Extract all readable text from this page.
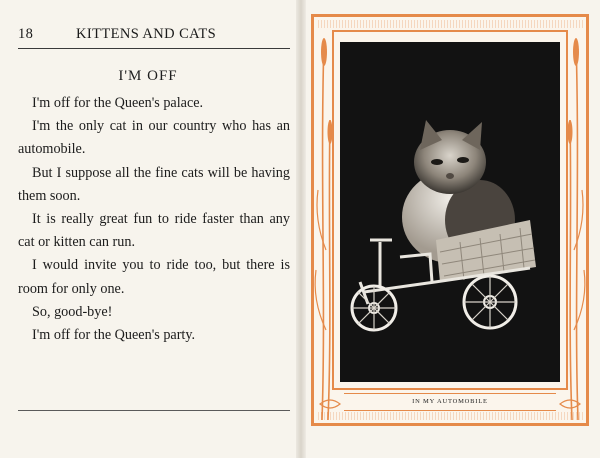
18	KITTENS AND CATS
I'M OFF

I'm off for the Queen's palace.

I'm the only cat in our country who has an automobile.

But I suppose all the fine cats will be having them soon.

It is really great fun to ride faster than any cat or kitten can run.

I would invite you to ride too, but there is room for only one.

So, good-bye!

I'm off for the Queen's party.

IN MY AUTOMOBILE
